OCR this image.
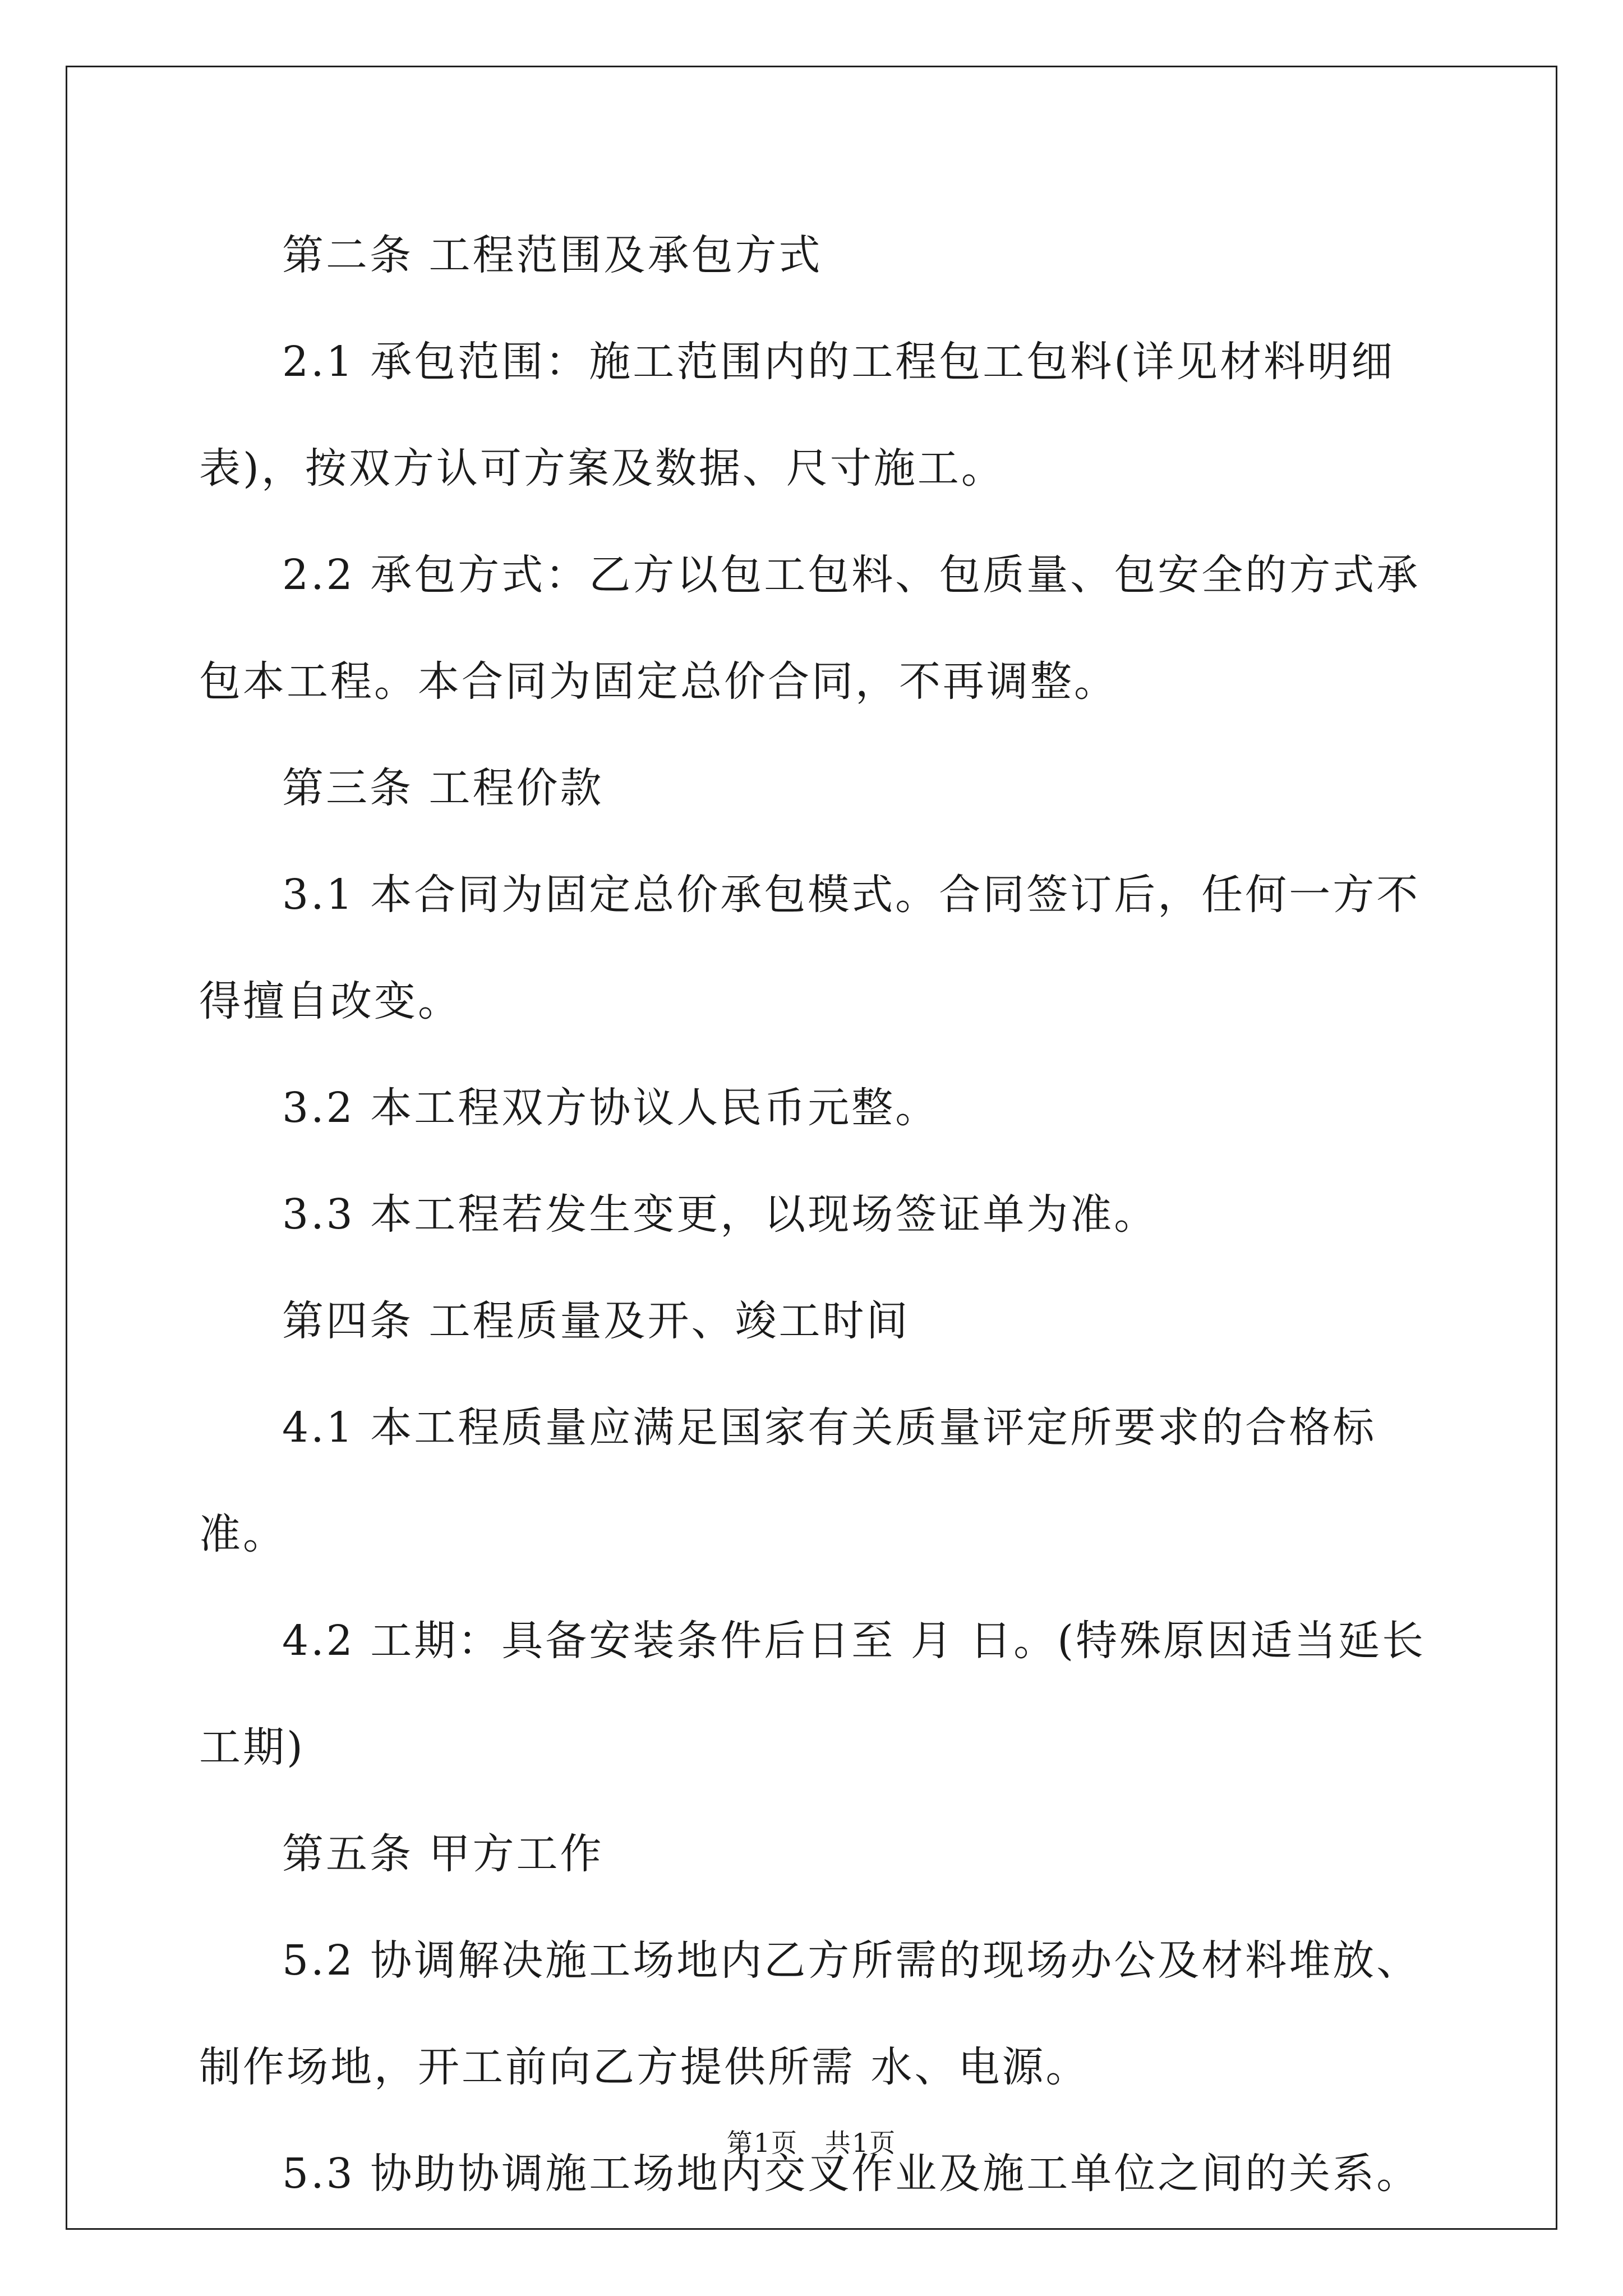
第二条 工程范围及承包方式

2.1 承包范围：施工范围内的工程包工包料(详见材料明细表)，按双方认可方案及数据、尺寸施工。

2.2 承包方式：乙方以包工包料、包质量、包安全的方式承包本工程。本合同为固定总价合同，不再调整。

第三条 工程价款

3.1 本合同为固定总价承包模式。合同签订后，任何一方不得擅自改变。

3.2 本工程双方协议人民币元整。

3.3 本工程若发生变更，以现场签证单为准。

第四条 工程质量及开、竣工时间

4.1 本工程质量应满足国家有关质量评定所要求的合格标准。

4.2 工期：具备安装条件后日至 月 日。(特殊原因适当延长工期)

第五条 甲方工作

5.2 协调解决施工场地内乙方所需的现场办公及材料堆放、制作场地，开工前向乙方提供所需 水、电源。

5.3 协助协调施工场地内交叉作业及施工单位之间的关系。

第1页　共1页
